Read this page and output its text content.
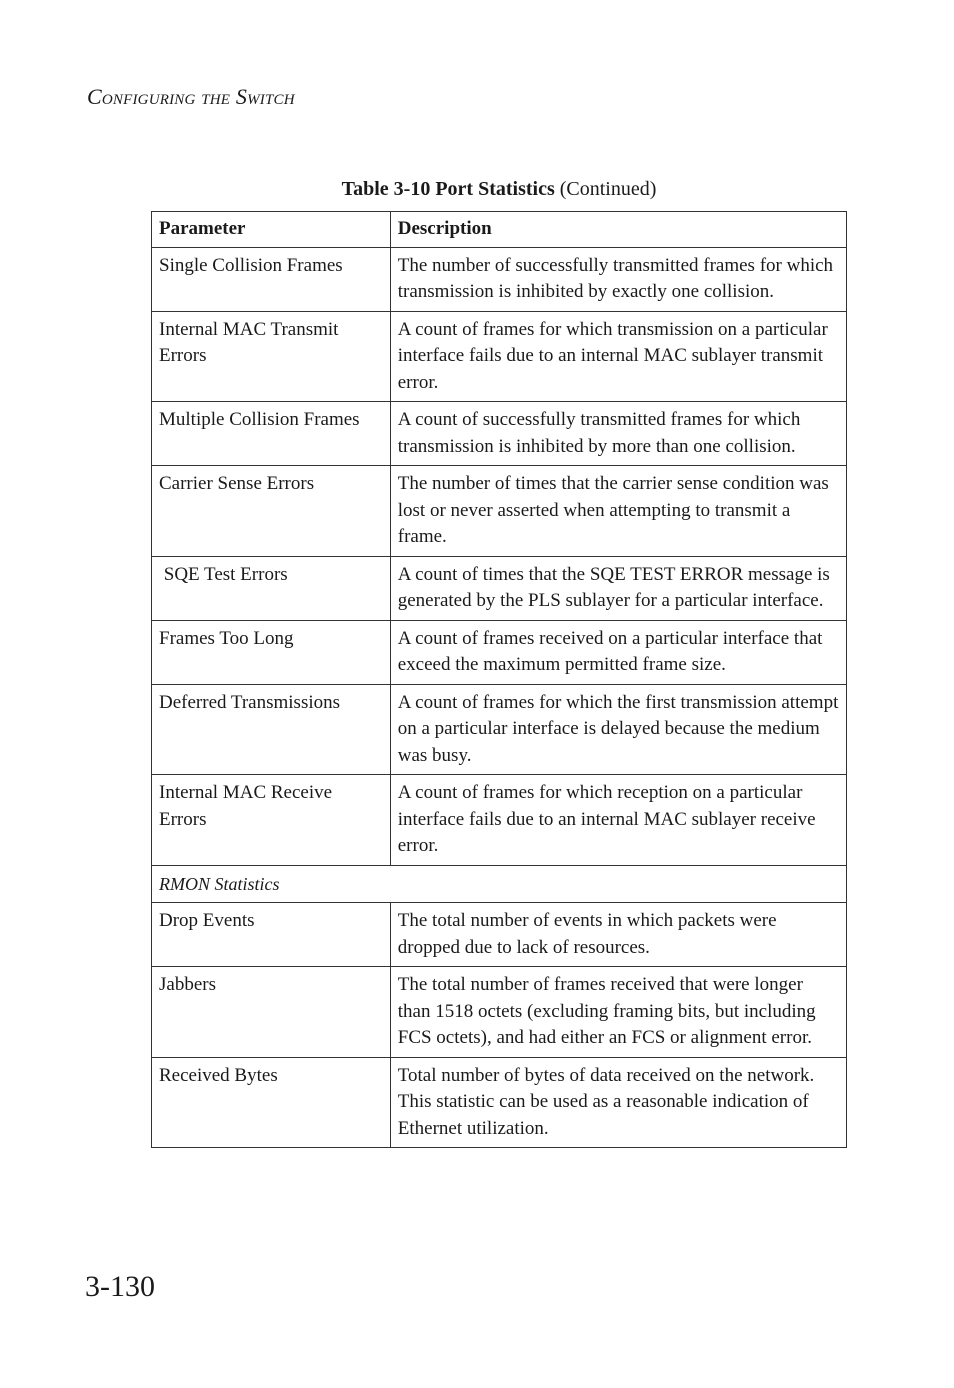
Configuring the Switch
Table 3-10 Port Statistics (Continued)
Parameter	Description
Single Collision Frames	The number of successfully transmitted frames for which transmission is inhibited by exactly one collision.
Internal MAC Transmit Errors	A count of frames for which transmission on a particular interface fails due to an internal MAC sublayer transmit error.
Multiple Collision Frames	A count of successfully transmitted frames for which transmission is inhibited by more than one collision.
Carrier Sense Errors	The number of times that the carrier sense condition was lost or never asserted when attempting to transmit a frame.
SQE Test Errors	A count of times that the SQE TEST ERROR message is generated by the PLS sublayer for a particular interface.
Frames Too Long	A count of frames received on a particular interface that exceed the maximum permitted frame size.
Deferred Transmissions	A count of frames for which the first transmission attempt on a particular interface is delayed because the medium was busy.
Internal MAC Receive Errors	A count of frames for which reception on a particular interface fails due to an internal MAC sublayer receive error.
RMON Statistics	
Drop Events	The total number of events in which packets were dropped due to lack of resources.
Jabbers	The total number of frames received that were longer than 1518 octets (excluding framing bits, but including FCS octets), and had either an FCS or alignment error.
Received Bytes	Total number of bytes of data received on the network. This statistic can be used as a reasonable indication of Ethernet utilization.
3-130
